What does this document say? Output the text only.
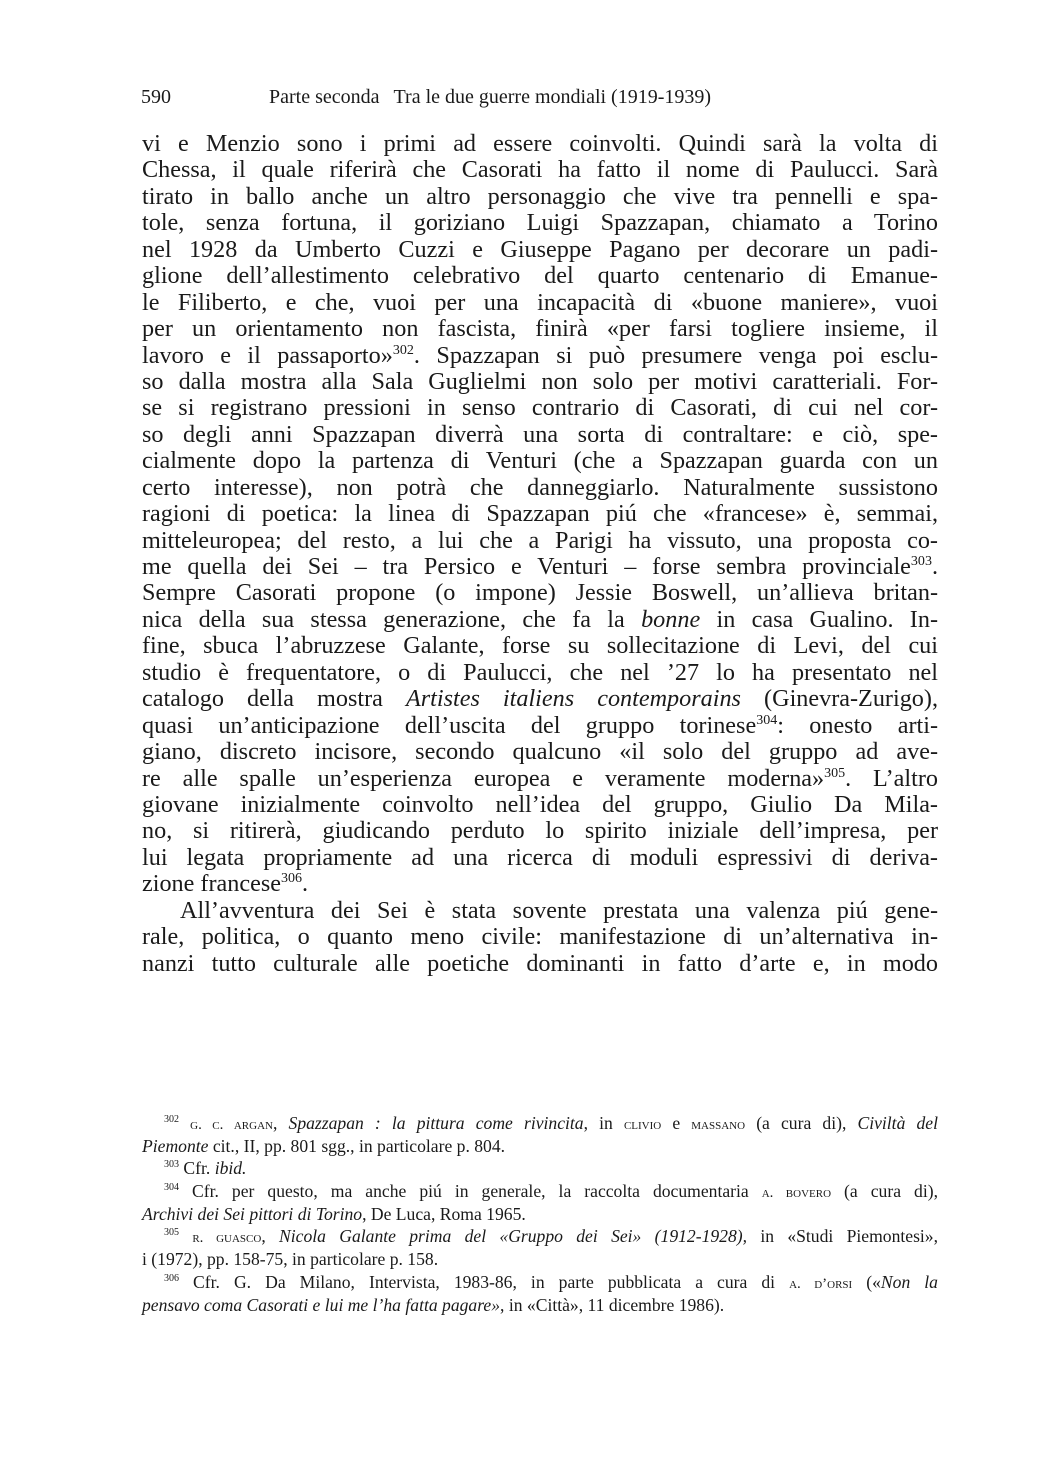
590	Parte seconda Tra le due guerre mondiali (1919-1939)
vi e Menzio sono i primi ad essere coinvolti. Quindi sarà la volta di
Chessa, il quale riferirà che Casorati ha fatto il nome di Paulucci. Sarà
tirato in ballo anche un altro personaggio che vive tra pennelli e spa-
tole, senza fortuna, il goriziano Luigi Spazzapan, chiamato a Torino
nel 1928 da Umberto Cuzzi e Giuseppe Pagano per decorare un padi-
glione dell’allestimento celebrativo del quarto centenario di Emanue-
le Filiberto, e che, vuoi per una incapacità di «buone maniere», vuoi
per un orientamento non fascista, finirà «per farsi togliere insieme, il
lavoro e il passaporto»$^{302}$. Spazzapan si può presumere venga poi esclu-
so dalla mostra alla Sala Guglielmi non solo per motivi caratteriali. For-
se si registrano pressioni in senso contrario di Casorati, di cui nel cor-
so degli anni Spazzapan diverrà una sorta di contraltare: e ciò, spe-
cialmente dopo la partenza di Venturi (che a Spazzapan guarda con un
certo interesse), non potrà che danneggiarlo. Naturalmente sussistono
ragioni di poetica: la linea di Spazzapan piú che «francese» è, semmai,
mitteleuropea; del resto, a lui che a Parigi ha vissuto, una proposta co-
me quella dei Sei – tra Persico e Venturi – forse sembra provinciale$^{303}$.
Sempre Casorati propone (o impone) Jessie Boswell, un’allieva britan-
nica della sua stessa generazione, che fa la bonne in casa Gualino. In-
fine, sbuca l’abruzzese Galante, forse su sollecitazione di Levi, del cui
studio è frequentatore, o di Paulucci, che nel ’27 lo ha presentato nel
catalogo della mostra Artistes italiens contemporains (Ginevra-Zurigo),
quasi un’anticipazione dell’uscita del gruppo torinese$^{304}$: onesto arti-
giano, discreto incisore, secondo qualcuno «il solo del gruppo ad ave-
re alle spalle un’esperienza europea e veramente moderna»$^{305}$. L’altro
giovane inizialmente coinvolto nell’idea del gruppo, Giulio Da Mila-
no, si ritirerà, giudicando perduto lo spirito iniziale dell’impresa, per
lui legata propriamente ad una ricerca di moduli espressivi di deriva-
zione francese$^{306}$.
All’avventura dei Sei è stata sovente prestata una valenza piú gene-
rale, politica, o quanto meno civile: manifestazione di un’alternativa in-
nanzi tutto culturale alle poetiche dominanti in fatto d’arte e, in modo
$^{302}$ g. c. argan, Spazzapan : la pittura come rivincita, in clivio e massano (a cura di), Civiltà del
Piemonte cit., II, pp. 801 sgg., in particolare p. 804.
$^{303}$ Cfr. ibid.
$^{304}$ Cfr. per questo, ma anche piú in generale, la raccolta documentaria a. bovero (a cura di),
Archivi dei Sei pittori di Torino, De Luca, Roma 1965.
$^{305}$ r. guasco, Nicola Galante prima del «Gruppo dei Sei» (1912-1928), in «Studi Piemontesi»,
i (1972), pp. 158-75, in particolare p. 158.
$^{306}$ Cfr. G. Da Milano, Intervista, 1983-86, in parte pubblicata a cura di a. d’orsi («Non la
pensavo coma Casorati e lui me l’ha fatta pagare», in «Città», 11 dicembre 1986).
